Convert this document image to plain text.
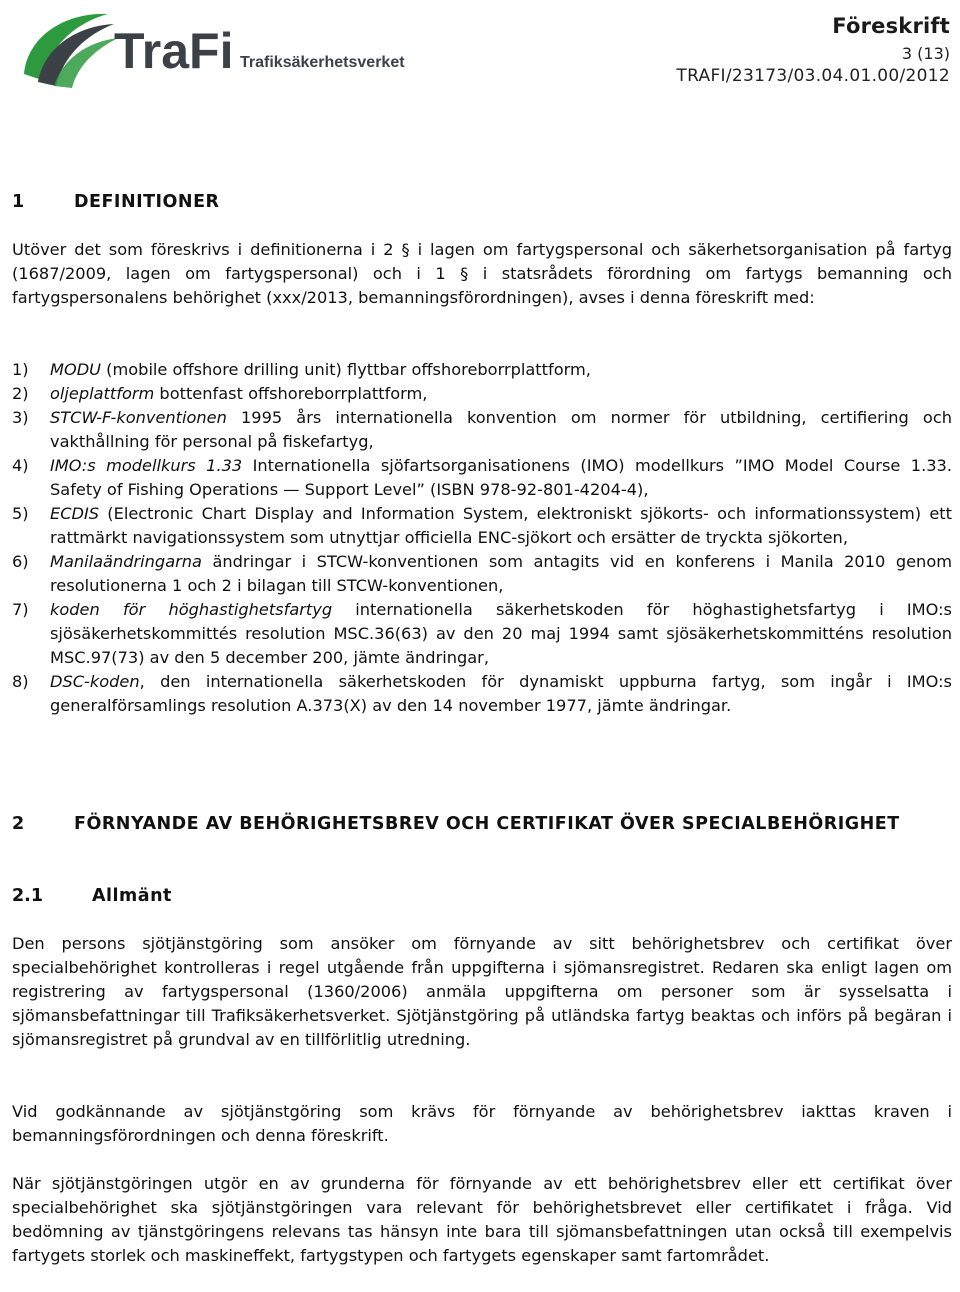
TraFi Trafiksäkerhetsverket
Föreskrift
3 (13)
TRAFI/23173/03.04.01.00/2012
1	DEFINITIONER

Utöver det som föreskrivs i definitionerna i 2 § i lagen om fartygspersonal och säkerhetsorganisation på fartyg (1687/2009, lagen om fartygspersonal) och i 1 § i statsrådets förordning om fartygs bemanning och fartygspersonalens behörighet (xxx/2013, bemanningsförordningen), avses i denna föreskrift med:

1) MODU (mobile offshore drilling unit) flyttbar offshoreborrplattform,
2) oljeplattform bottenfast offshoreborrplattform,
3) STCW-F-konventionen 1995 års internationella konvention om normer för utbildning, certifiering och vakthållning för personal på fiskefartyg,
4) IMO:s modellkurs 1.33 Internationella sjöfartsorganisationens (IMO) modellkurs ”IMO Model Course 1.33. Safety of Fishing Operations — Support Level” (ISBN 978-92-801-4204-4),
5) ECDIS (Electronic Chart Display and Information System, elektroniskt sjökorts- och informationssystem) ett rattmärkt navigationssystem som utnyttjar officiella ENC-sjökort och ersätter de tryckta sjökorten,
6) Manilaändringarna ändringar i STCW-konventionen som antagits vid en konferens i Manila 2010 genom resolutionerna 1 och 2 i bilagan till STCW-konventionen,
7) koden för höghastighetsfartyg internationella säkerhetskoden för höghastighetsfartyg i IMO:s sjösäkerhetskommittés resolution MSC.36(63) av den 20 maj 1994 samt sjösäkerhetskommitténs resolution MSC.97(73) av den 5 december 200, jämte ändringar,
8) DSC-koden, den internationella säkerhetskoden för dynamiskt uppburna fartyg, som ingår i IMO:s generalförsamlings resolution A.373(X) av den 14 november 1977, jämte ändringar.
2	FÖRNYANDE AV BEHÖRIGHETSBREV OCH CERTIFIKAT ÖVER SPECIALBEHÖRIGHET
2.1	Allmänt

Den persons sjötjänstgöring som ansöker om förnyande av sitt behörighetsbrev och certifikat över specialbehörighet kontrolleras i regel utgående från uppgifterna i sjömansregistret. Redaren ska enligt lagen om registrering av fartygspersonal (1360/2006) anmäla uppgifterna om personer som är sysselsatta i sjömansbefattningar till Trafiksäkerhetsverket. Sjötjänstgöring på utländska fartyg beaktas och införs på begäran i sjömansregistret på grundval av en tillförlitlig utredning.

Vid godkännande av sjötjänstgöring som krävs för förnyande av behörighetsbrev iakttas kraven i bemanningsförordningen och denna föreskrift.

När sjötjänstgöringen utgör en av grunderna för förnyande av ett behörighetsbrev eller ett certifikat över specialbehörighet ska sjötjänstgöringen vara relevant för behörighetsbrevet eller certifikatet i fråga. Vid bedömning av tjänstgöringens relevans tas hänsyn inte bara till sjömansbefattningen utan också till exempelvis fartygets storlek och maskineffekt, fartygstypen och fartygets egenskaper samt fartområdet.
